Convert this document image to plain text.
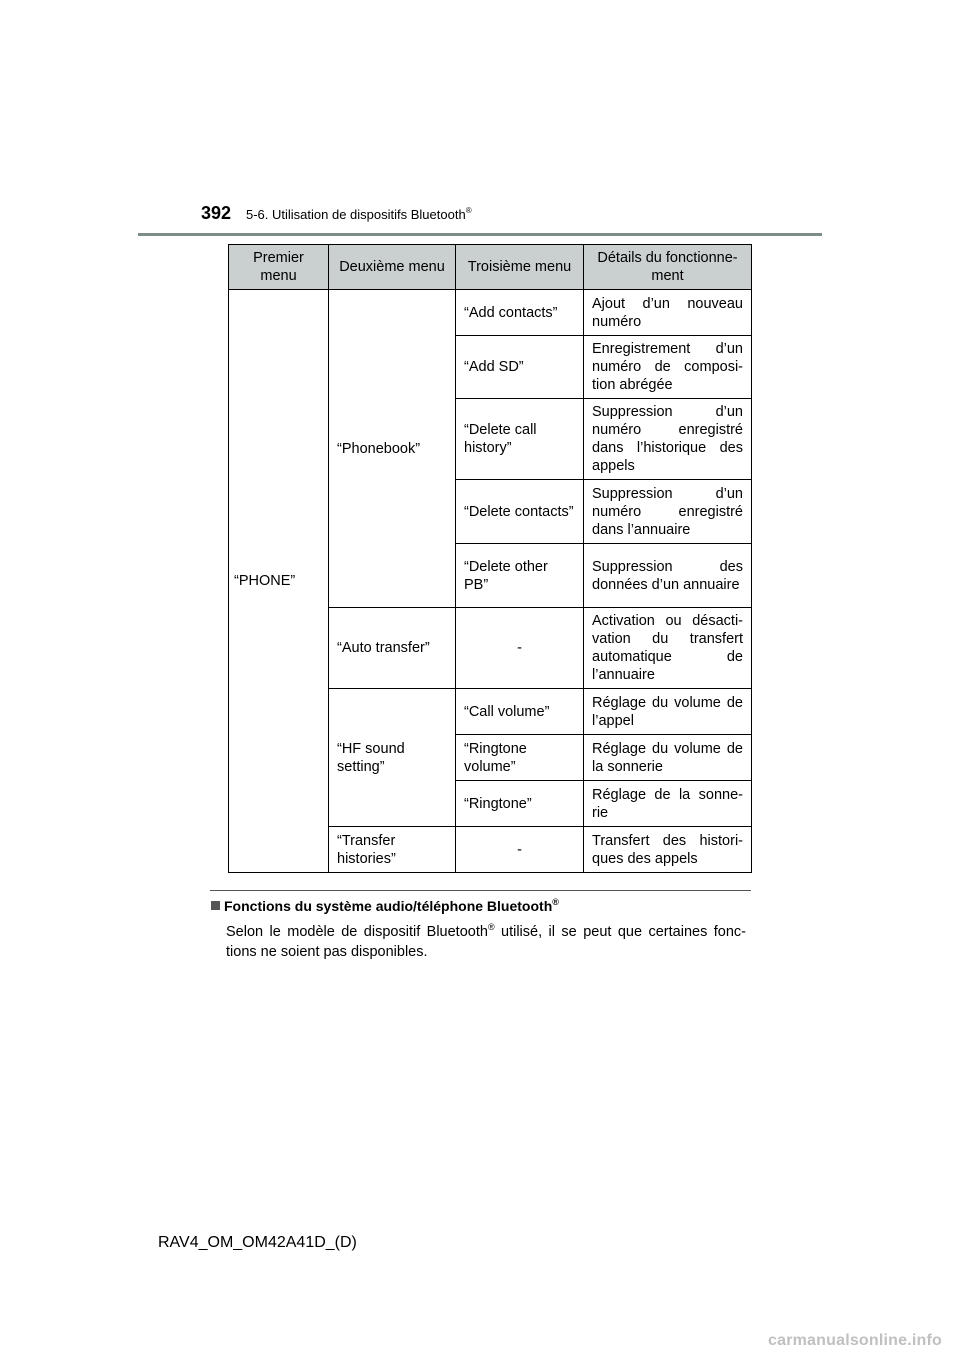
392 5-6. Utilisation de dispositifs Bluetooth®
Premier menu	Deuxième menu	Troisième menu	Détails du fonctionne-ment
“PHONE”	“Phonebook”	“Add contacts”	Ajout d’un nouveau numéro
		“Add SD”	Enregistrement d’un numéro de composi-tion abrégée
		“Delete call history”	Suppression d’un numéro enregistré dans l’historique des appels
		“Delete contacts”	Suppression d’un numéro enregistré dans l’annuaire
		“Delete other PB”	Suppression des données d’un annuaire
	“Auto transfer”	-	Activation ou désacti-vation du transfert automatique de l’annuaire
	“HF sound setting”	“Call volume”	Réglage du volume de l’appel
		“Ringtone volume”	Réglage du volume de la sonnerie
		“Ringtone”	Réglage de la sonne-rie
	“Transfer histories”	-	Transfert des histori-ques des appels
Fonctions du système audio/téléphone Bluetooth®
Selon le modèle de dispositif Bluetooth® utilisé, il se peut que certaines fonc-tions ne soient pas disponibles.
RAV4_OM_OM42A41D_(D)
carmanualsonline.info
